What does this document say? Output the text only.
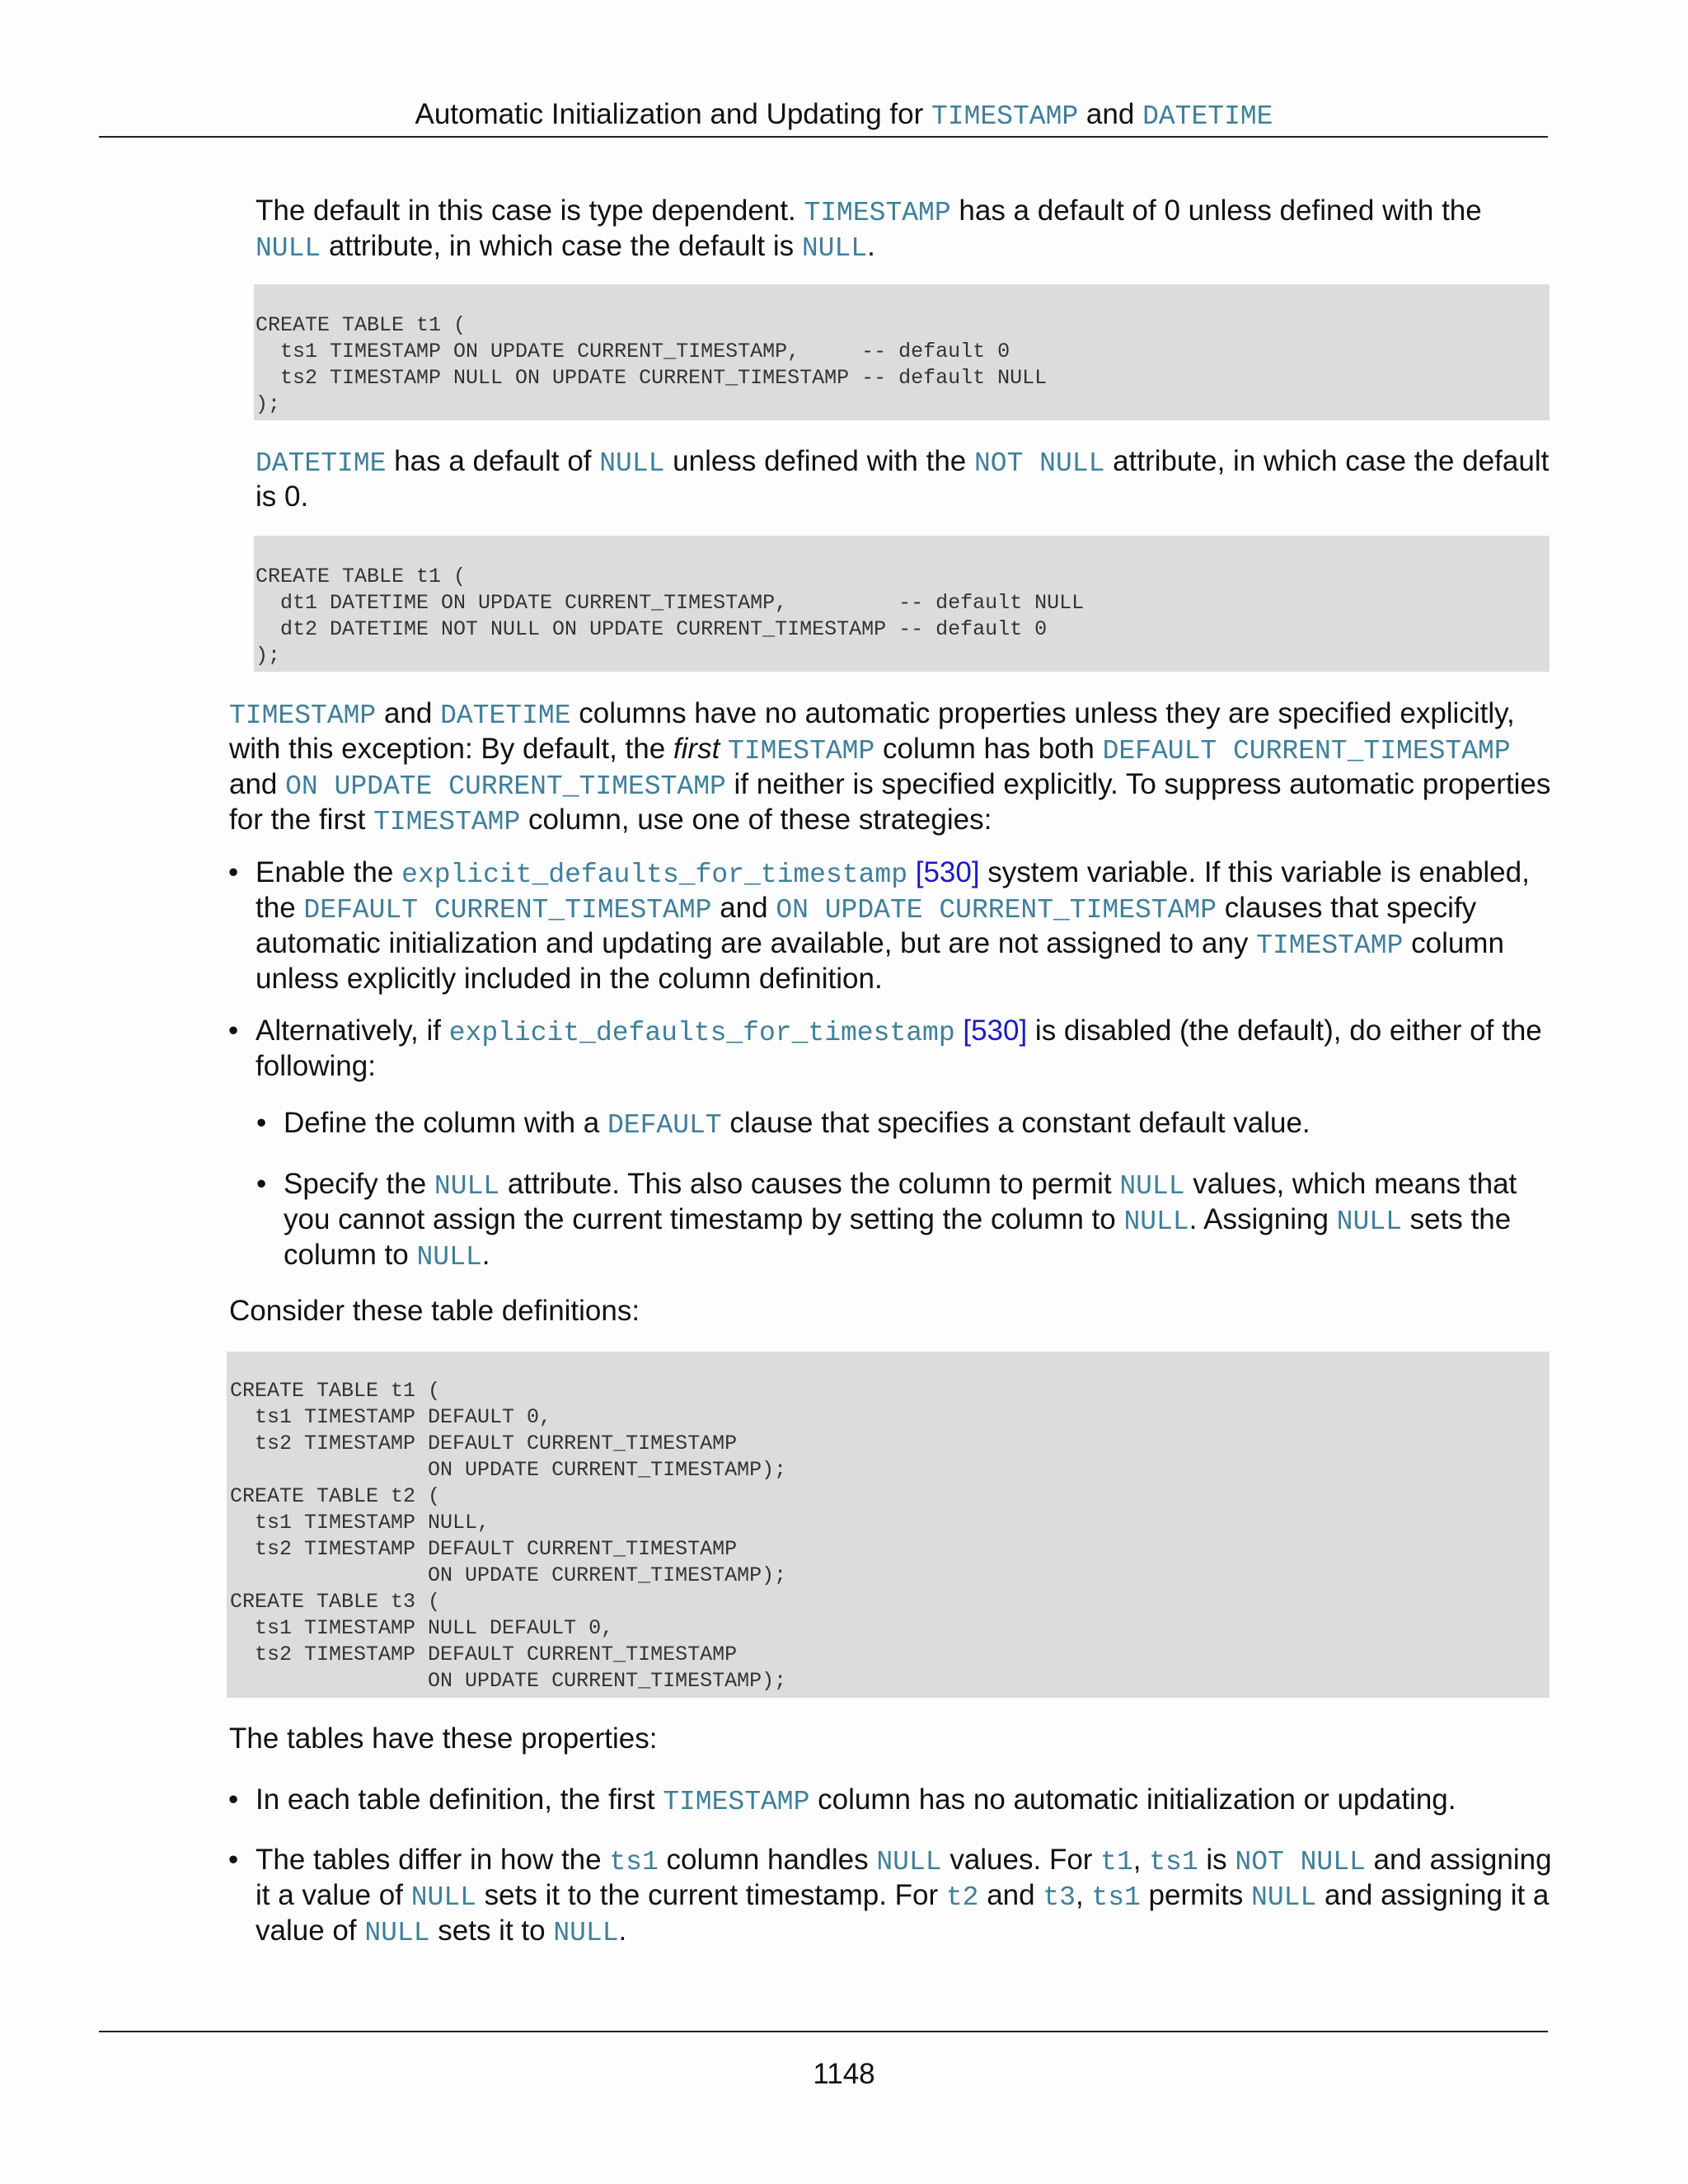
Automatic Initialization and Updating for TIMESTAMP and DATETIME

The default in this case is type dependent. TIMESTAMP has a default of 0 unless defined with the NULL attribute, in which case the default is NULL.

CREATE TABLE t1 (
ts1 TIMESTAMP ON UPDATE CURRENT_TIMESTAMP,     -- default 0
ts2 TIMESTAMP NULL ON UPDATE CURRENT_TIMESTAMP -- default NULL
);

DATETIME has a default of NULL unless defined with the NOT NULL attribute, in which case the default is 0.

CREATE TABLE t1 (
dt1 DATETIME ON UPDATE CURRENT_TIMESTAMP,         -- default NULL
dt2 DATETIME NOT NULL ON UPDATE CURRENT_TIMESTAMP -- default 0
);

TIMESTAMP and DATETIME columns have no automatic properties unless they are specified explicitly, with this exception: By default, the first TIMESTAMP column has both DEFAULT CURRENT_TIMESTAMP and ON UPDATE CURRENT_TIMESTAMP if neither is specified explicitly. To suppress automatic properties for the first TIMESTAMP column, use one of these strategies:

• Enable the explicit_defaults_for_timestamp [530] system variable. If this variable is enabled, the DEFAULT CURRENT_TIMESTAMP and ON UPDATE CURRENT_TIMESTAMP clauses that specify automatic initialization and updating are available, but are not assigned to any TIMESTAMP column unless explicitly included in the column definition.
• Alternatively, if explicit_defaults_for_timestamp [530] is disabled (the default), do either of the following:
• Define the column with a DEFAULT clause that specifies a constant default value.
• Specify the NULL attribute. This also causes the column to permit NULL values, which means that you cannot assign the current timestamp by setting the column to NULL. Assigning NULL sets the column to NULL.

Consider these table definitions:

CREATE TABLE t1 (
ts1 TIMESTAMP DEFAULT 0,
ts2 TIMESTAMP DEFAULT CURRENT_TIMESTAMP
ON UPDATE CURRENT_TIMESTAMP);
CREATE TABLE t2 (
ts1 TIMESTAMP NULL,
ts2 TIMESTAMP DEFAULT CURRENT_TIMESTAMP
ON UPDATE CURRENT_TIMESTAMP);
CREATE TABLE t3 (
ts1 TIMESTAMP NULL DEFAULT 0,
ts2 TIMESTAMP DEFAULT CURRENT_TIMESTAMP
ON UPDATE CURRENT_TIMESTAMP);

The tables have these properties:

• In each table definition, the first TIMESTAMP column has no automatic initialization or updating.
• The tables differ in how the ts1 column handles NULL values. For t1, ts1 is NOT NULL and assigning it a value of NULL sets it to the current timestamp. For t2 and t3, ts1 permits NULL and assigning it a value of NULL sets it to NULL.
1148
